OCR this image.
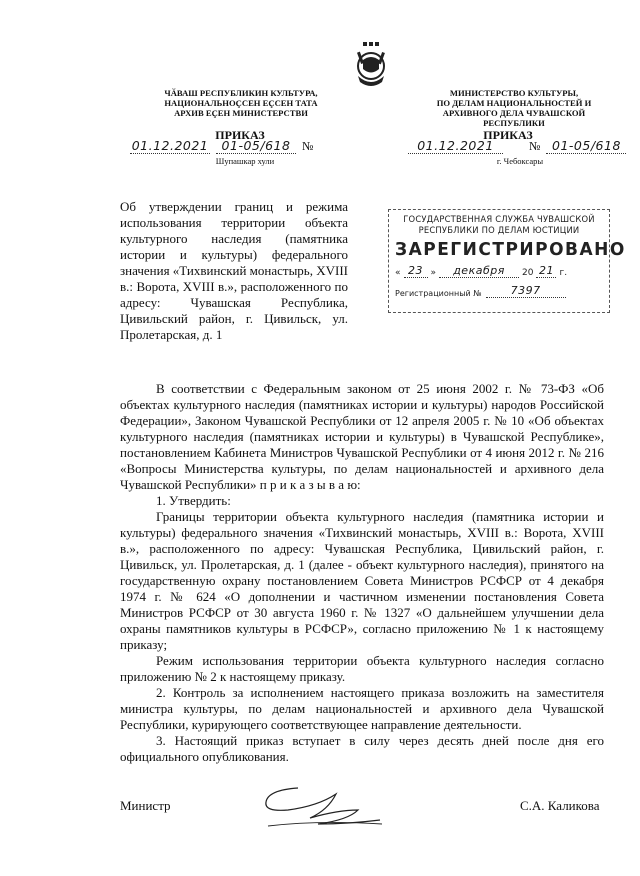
ЧӐВАШ РЕСПУБЛИКИН КУЛЬТУРА,
НАЦИОНАЛЬНОҪСЕН ЕҪСЕН ТАТА
АРХИВ ЕҪЕН МИНИСТЕРСТВИ
ПРИКАЗ
01.12.2021	01-05/618 №
Шупашкар хули
МИНИСТЕРСТВО КУЛЬТУРЫ,
ПО ДЕЛАМ НАЦИОНАЛЬНОСТЕЙ И
АРХИВНОГО ДЕЛА ЧУВАШСКОЙ РЕСПУБЛИКИ
ПРИКАЗ
01.12.2021	№ 01-05/618
г. Чебоксары
Об утверждении границ и режима использования территории объекта культурного наследия (памятника истории и культуры) федерального значения «Тихвинский монастырь, XVIII в.: Ворота, XVIII в.», расположенного по адресу: Чувашская Республика, Цивильский район, г. Цивильск, ул. Пролетарская, д. 1
ГОСУДАРСТВЕННАЯ СЛУЖБА ЧУВАШСКОЙ
РЕСПУБЛИКИ ПО ДЕЛАМ ЮСТИЦИИ
ЗАРЕГИСТРИРОВАНО
« 23 »	декабря	20 21 г.
Регистрационный №	7397

В соответствии с Федеральным законом от 25 июня 2002 г. № 73-ФЗ «Об объектах культурного наследия (памятниках истории и культуры) народов Российской Федерации», Законом Чувашской Республики от 12 апреля 2005 г. № 10 «Об объектах культурного наследия (памятниках истории и культуры) в Чувашской Республике», постановлением Кабинета Министров Чувашской Республики от 4 июня 2012 г. № 216 «Вопросы Министерства культуры, по делам национальностей и архивного дела Чувашской Республики» п р и к а з ы в а ю:

1. Утвердить:

Границы территории объекта культурного наследия (памятника истории и культуры) федерального значения «Тихвинский монастырь, XVIII в.: Ворота, XVIII в.», расположенного по адресу: Чувашская Республика, Цивильский район, г. Цивильск, ул. Пролетарская, д. 1 (далее - объект культурного наследия), принятого на государственную охрану постановлением Совета Министров РСФСР от 4 декабря 1974 г. № 624 «О дополнении и частичном изменении постановления Совета Министров РСФСР от 30 августа 1960 г. № 1327 «О дальнейшем улучшении дела охраны памятников культуры в РСФСР», согласно приложению № 1 к настоящему приказу;

Режим использования территории объекта культурного наследия согласно приложению № 2 к настоящему приказу.

2. Контроль за исполнением настоящего приказа возложить на заместителя министра культуры, по делам национальностей и архивного дела Чувашской Республики, курирующего соответствующее направление деятельности.

3. Настоящий приказ вступает в силу через десять дней после дня его официального опубликования.

Министр	С.А. Каликова
